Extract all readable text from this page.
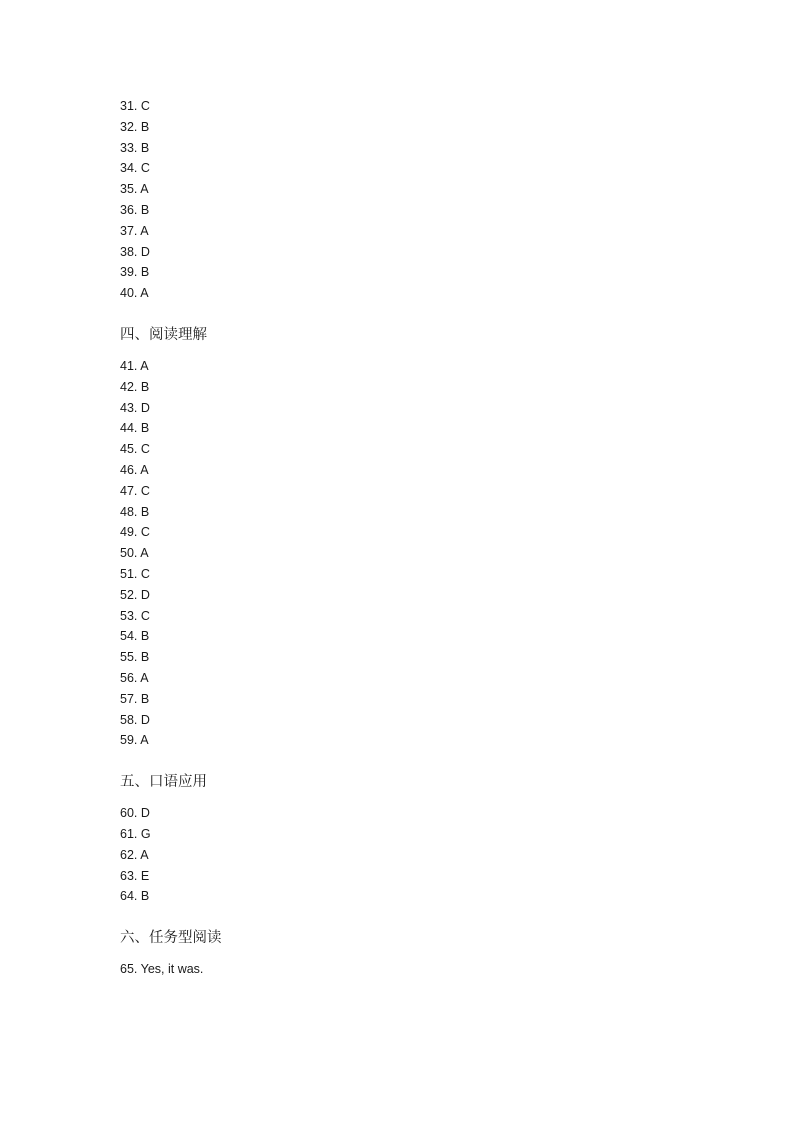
31. C
32. B
33. B
34. C
35. A
36. B
37. A
38. D
39. B
40. A
四、阅读理解
41. A
42. B
43. D
44. B
45. C
46. A
47. C
48. B
49. C
50. A
51. C
52. D
53. C
54. B
55. B
56. A
57. B
58. D
59. A
五、口语应用
60. D
61. G
62. A
63. E
64. B
六、任务型阅读
65. Yes, it was.
